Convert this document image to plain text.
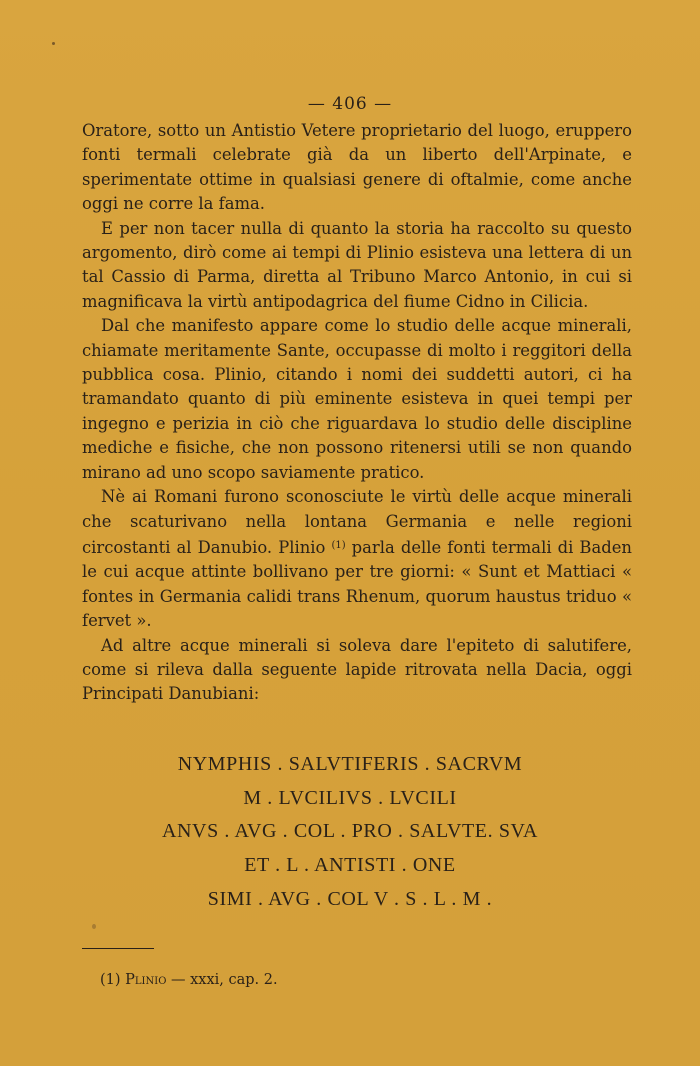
— 406 —

Oratore, sotto un Antistio Vetere proprietario del luogo, eruppero fonti termali celebrate già da un liberto dell'Arpinate, e sperimentate ottime in qualsiasi genere di oftalmie, come anche oggi ne corre la fama.

E per non tacer nulla di quanto la storia ha raccolto su questo argomento, dirò come ai tempi di Plinio esisteva una lettera di un tal Cassio di Parma, diretta al Tribuno Marco Antonio, in cui si magnificava la virtù antipodagrica del fiume Cidno in Cilicia.

Dal che manifesto appare come lo studio delle acque minerali, chiamate meritamente Sante, occupasse di molto i reggitori della pubblica cosa. Plinio, citando i nomi dei suddetti autori, ci ha tramandato quanto di più eminente esisteva in quei tempi per ingegno e perizia in ciò che riguardava lo studio delle discipline mediche e fisiche, che non possono ritenersi utili se non quando mirano ad uno scopo saviamente pratico.

Nè ai Romani furono sconosciute le virtù delle acque minerali che scaturivano nella lontana Germania e nelle regioni circostanti al Danubio. Plinio $^{(1)}$ parla delle fonti termali di Baden le cui acque attinte bollivano per tre giorni: « Sunt et Mattiaci « fontes in Germania calidi trans Rhenum, quorum haustus triduo « fervet ».

Ad altre acque minerali si soleva dare l'epiteto di salutifere, come si rileva dalla seguente lapide ritrovata nella Dacia, oggi Principati Danubiani:

NYMPHIS . SALVTIFERIS . SACRVM
M . LVCILIVS . LVCILI
ANVS . AVG . COL . PRO . SALVTE. SVA
ET . L . ANTISTI . ONE
SIMI . AVG . COL V . S . L . M .
(1) Plinio — xxxi, cap. 2.
